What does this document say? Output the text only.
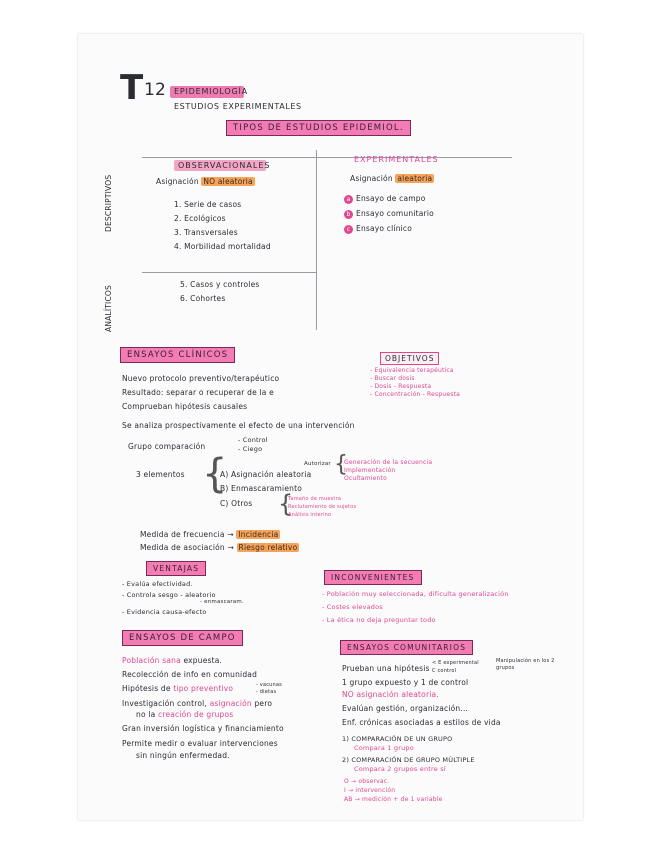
T 12 EPIDEMIOLOGÍA
ESTUDIOS EXPERIMENTALES
TIPOS DE ESTUDIOS EPIDEMIOL.
OBSERVACIONALES
Asignación NO aleatoria
EXPERIMENTALES
Asignación aleatoria
DESCRIPTIVOS
ANALÍTICOS
1. Serie de casos
2. Ecológicos
3. Transversales
4. Morbilidad mortalidad
a Ensayo de campo
b Ensayo comunitario
c Ensayo clínico
5. Casos y controles
6. Cohortes
ENSAYOS CLÍNICOS	OBJETIVOS
- Equivalencia terapéutica
- Buscar dosis
- Dosis - Respuesta
- Concentración - Respuesta
Nuevo protocolo preventivo/terapéutico
Resultado: separar o recuperar de la e
Comprueban hipótesis causales
Se analiza prospectivamente el efecto de una intervención
Grupo comparación
- Control
- Ciego
3 elementos {
A) Asignación aleatoria
B) Enmascaramiento
C) Otros
Autorizar {
Generación de la secuencia
Implementación
Ocultamiento
{
Tamaño de muestra
Reclutamiento de sujetos
Análisis interino
Medida de frecuencia → Incidencia
Medida de asociación → Riesgo relativo
VENTAJAS
- Evalúa efectividad.
- Controla sesgo - aleatorio
- enmascaram.
- Evidencia causa-efecto
INCONVENIENTES
- Población muy seleccionada, dificulta generalización
- Costes elevados
- La ética no deja preguntar todo
ENSAYOS DE CAMPO
Población sana expuesta.
Recolección de info en comunidad
Hipótesis de tipo preventivo	- vacunas
- dietas
Investigación control, asignación pero
no la creación de grupos
Gran inversión logística y financiamiento
Permite medir o evaluar intervenciones
sin ningún enfermedad.
ENSAYOS COMUNITARIOS
Prueban una hipótesis
< E experimental
C control
Manipulación en los 2 grupos
1 grupo expuesto y 1 de control
NO asignación aleatoria.
Evalúan gestión, organización...
Enf. crónicas asociadas a estilos de vida
1) COMPARACIÓN DE UN GRUPO
Compara 1 grupo
2) COMPARACIÓN DE GRUPO MÚLTIPLE
Compara 2 grupos entre sí
O → observac.
I → intervención
AB → medición + de 1 variable
